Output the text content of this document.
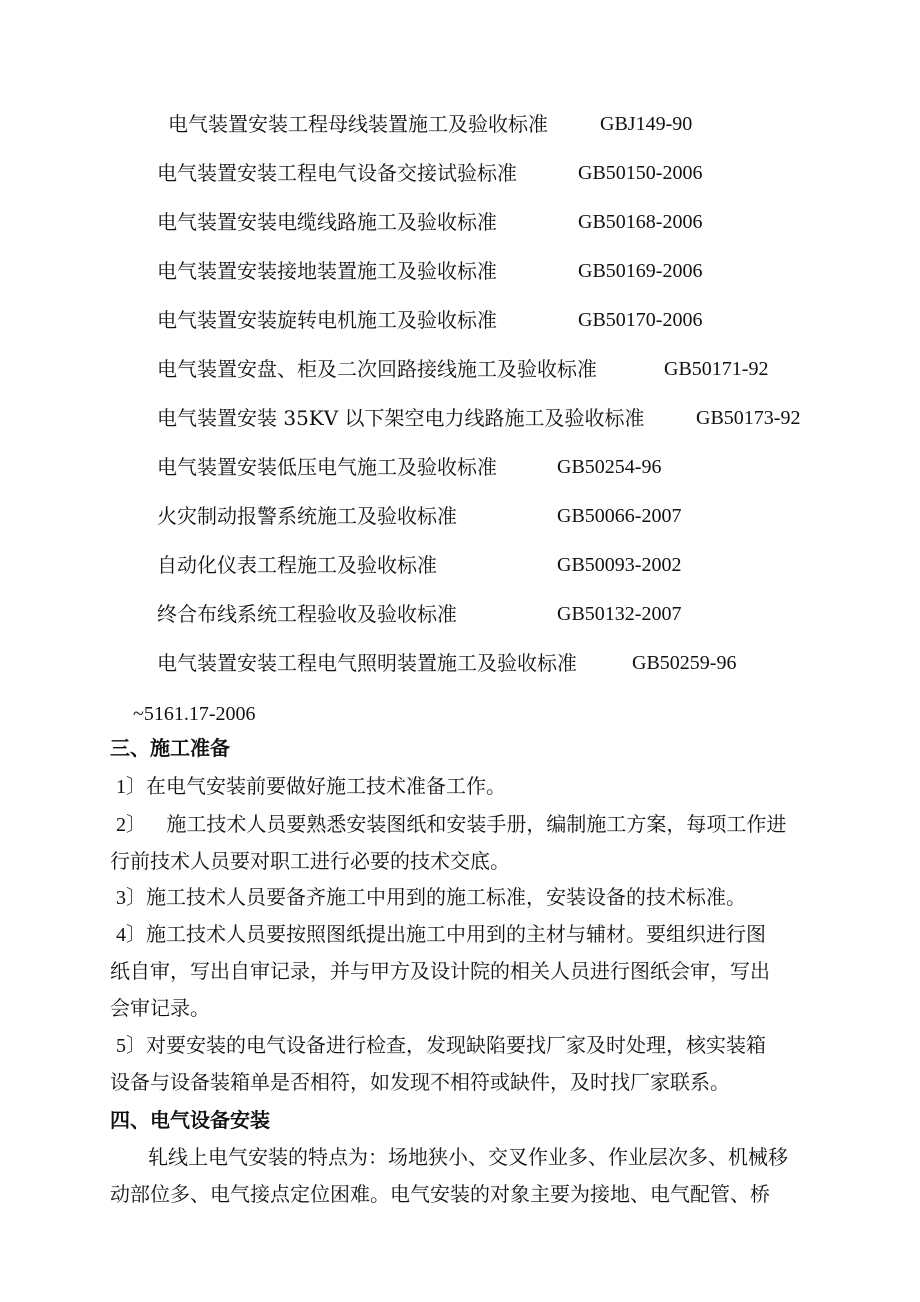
电气装置安装工程母线装置施工及验收标准	GBJ149-90
电气装置安装工程电气设备交接试验标准	GB50150-2006
电气装置安装电缆线路施工及验收标准	GB50168-2006
电气装置安装接地装置施工及验收标准	GB50169-2006
电气装置安装旋转电机施工及验收标准	GB50170-2006
电气装置安盘、柜及二次回路接线施工及验收标准	GB50171-92
电气装置安装 35KV 以下架空电力线路施工及验收标准	GB50173-92
电气装置安装低压电气施工及验收标准	GB50254-96
火灾制动报警系统施工及验收标准	GB50066-2007
自动化仪表工程施工及验收标准	GB50093-2002
终合布线系统工程验收及验收标准	GB50132-2007
电气装置安装工程电气照明装置施工及验收标准	GB50259-96
~5161.17-2006
三、施工准备
1〕在电气安装前要做好施工技术准备工作。
2〕 施工技术人员要熟悉安装图纸和安装手册，编制施工方案，每项工作进
行前技术人员要对职工进行必要的技术交底。
3〕施工技术人员要备齐施工中用到的施工标准，安装设备的技术标准。
4〕施工技术人员要按照图纸提出施工中用到的主材与辅材。要组织进行图
纸自审，写出自审记录，并与甲方及设计院的相关人员进行图纸会审，写出
会审记录。
5〕对要安装的电气设备进行检查，发现缺陷要找厂家及时处理，核实装箱
设备与设备装箱单是否相符，如发现不相符或缺件，及时找厂家联系。
四、电气设备安装
轧线上电气安装的特点为：场地狭小、交叉作业多、作业层次多、机械移
动部位多、电气接点定位困难。电气安装的对象主要为接地、电气配管、桥
